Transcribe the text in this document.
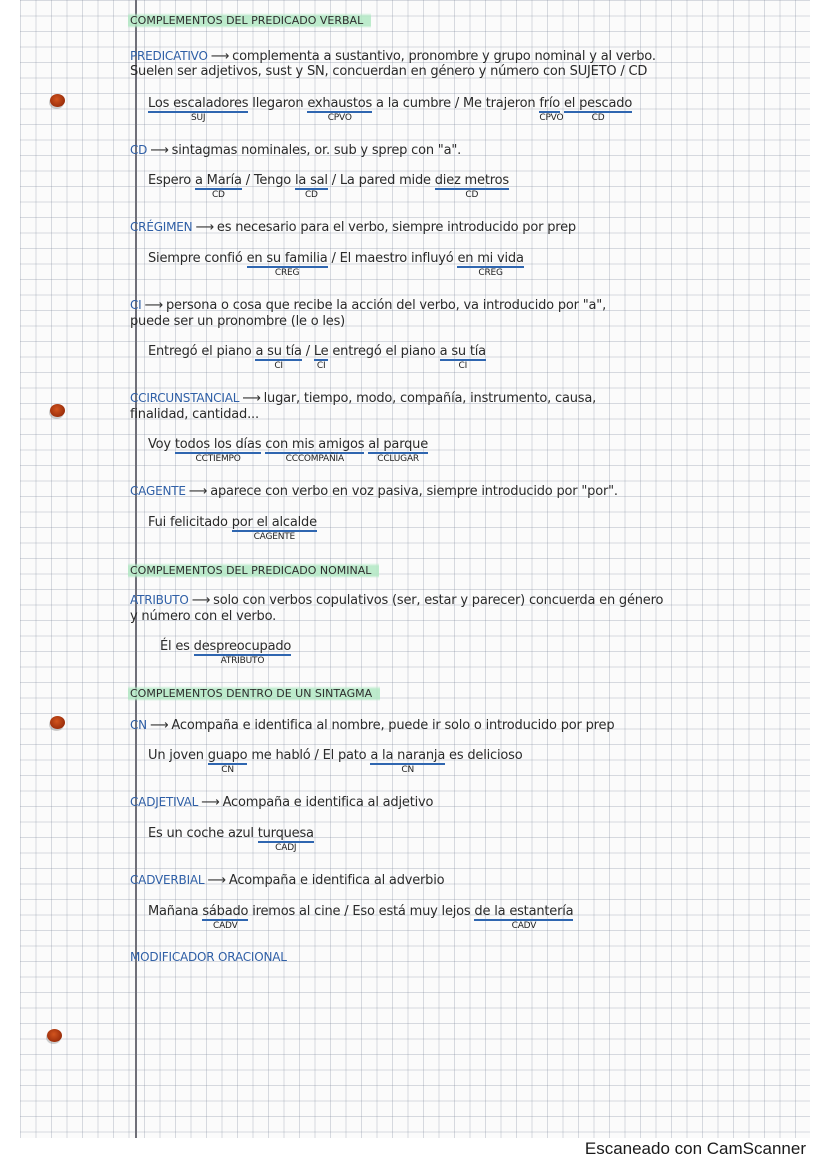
COMPLEMENTOS DEL PREDICADO VERBAL
PREDICATIVO ⟶ complementa a sustantivo, pronombre y grupo nominal y al verbo.
Suelen ser adjetivos, sust y SN, concuerdan en género y número con SUJETO / CD
Los escaladores
SUJ
llegaron exhaustos
CPVO
a la cumbre / Me trajeron frío
CPVO
el pescado
CD
CD ⟶ sintagmas nominales, or. sub y sprep con "a".
Espero a María
CD
/ Tengo la sal
CD
/ La pared mide diez metros
CD
CRÉGIMEN ⟶ es necesario para el verbo, siempre introducido por prep
Siempre confió en su familia
CREG
/ El maestro influyó en mi vida
CREG
CI ⟶ persona o cosa que recibe la acción del verbo, va introducido por "a",
puede ser un pronombre (le o les)
Entregó el piano a su tía
CI
/ Le
CI
entregó el piano a su tía
CI
CCIRCUNSTANCIAL ⟶ lugar, tiempo, modo, compañía, instrumento, causa,
finalidad, cantidad...
Voy todos los días
CCTIEMPO
con mis amigos
CCCOMPAÑÍA
al parque
CCLUGAR
CAGENTE ⟶ aparece con verbo en voz pasiva, siempre introducido por "por".
Fui felicitado por el alcalde
CAGENTE
COMPLEMENTOS DEL PREDICADO NOMINAL
ATRIBUTO ⟶ solo con verbos copulativos (ser, estar y parecer) concuerda en género
y número con el verbo.
Él es despreocupado
ATRIBUTO
COMPLEMENTOS DENTRO DE UN SINTAGMA
CN ⟶ Acompaña e identifica al nombre, puede ir solo o introducido por prep
Un joven guapo
CN
me habló / El pato a la naranja
CN
es delicioso
CADJETIVAL ⟶ Acompaña e identifica al adjetivo
Es un coche azul turquesa
CADJ
CADVERBIAL ⟶ Acompaña e identifica al adverbio
Mañana sábado
CADV
iremos al cine / Eso está muy lejos de la estantería
CADV
MODIFICADOR ORACIONAL
Escaneado con CamScanner
